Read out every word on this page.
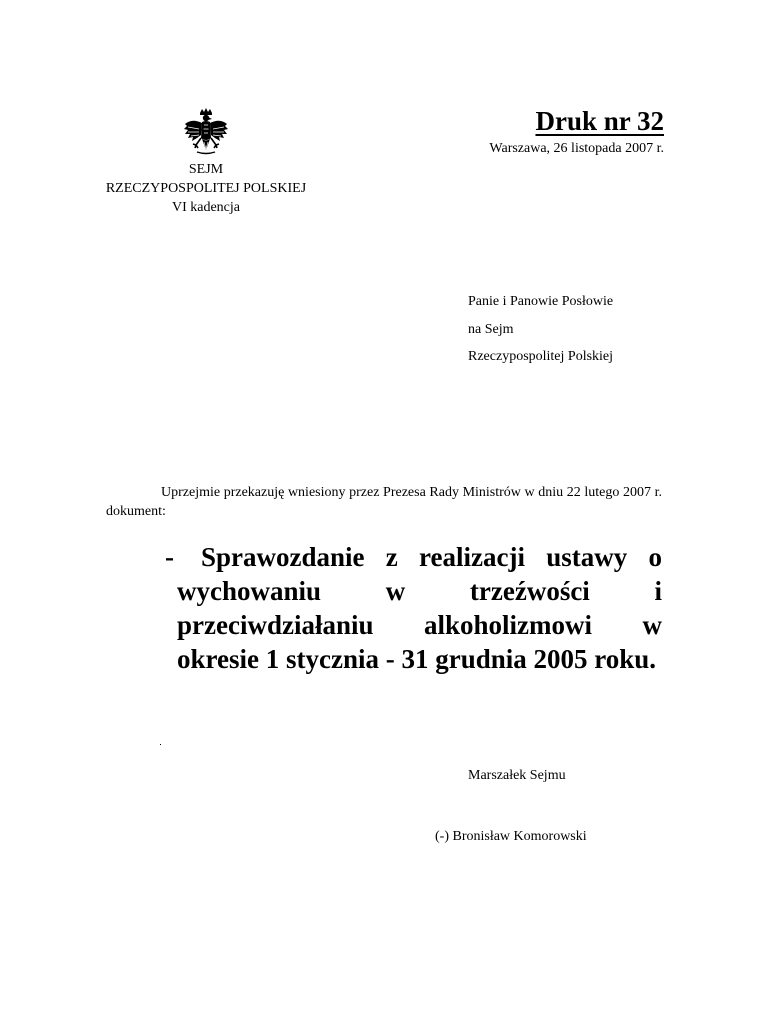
SEJM
RZECZYPOSPOLITEJ POLSKIEJ
VI kadencja
Druk nr 32
Warszawa, 26 listopada 2007 r.
Panie i Panowie Posłowie
na Sejm
Rzeczypospolitej Polskiej
Uprzejmie przekazuję wniesiony przez Prezesa Rady Ministrów w dniu 22 lutego 2007 r. dokument:
-	Sprawozdanie z realizacji ustawy o wychowaniu w trzeźwości i przeciwdziałaniu alkoholizmowi w okresie 1 stycznia - 31 grudnia 2005 roku.
Marszałek Sejmu
(-) Bronisław Komorowski
